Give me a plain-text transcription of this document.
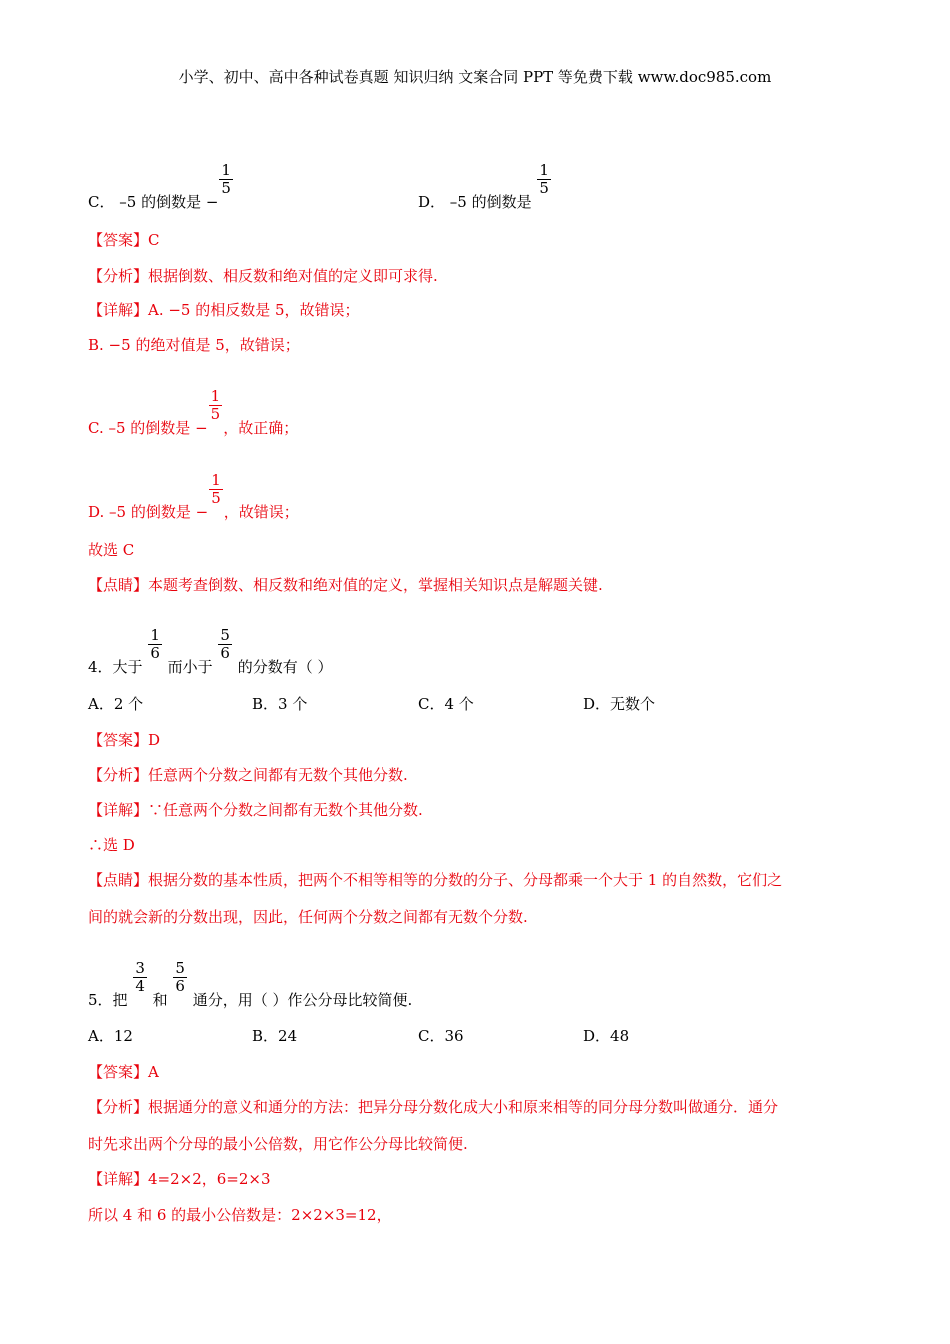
小学、初中、高中各种试卷真题 知识归纳 文案合同 PPT 等免费下载 www.doc985.com
C． –5 的倒数是 −
$\frac{1}{5}$
D． –5 的倒数是
$\frac{1}{5}$
【答案】C
【分析】根据倒数、相反数和绝对值的定义即可求得.
【详解】A. −5 的相反数是 5，故错误；
B. −5 的绝对值是 5，故错误；
C. –5 的倒数是 −
$\frac{1}{5}$
，故正确；
D. –5 的倒数是 −
$\frac{1}{5}$
，故错误；
故选 C
【点睛】本题考查倒数、相反数和绝对值的定义，掌握相关知识点是解题关键.
4．大于
$\frac{1}{6}$
而小于
$\frac{5}{6}$
的分数有（ ）
A．2 个	B．3 个	C．4 个	D．无数个
【答案】D
【分析】任意两个分数之间都有无数个其他分数.
【详解】∵任意两个分数之间都有无数个其他分数.
∴选 D
【点睛】根据分数的基本性质，把两个不相等相等的分数的分子、分母都乘一个大于 1 的自然数，它们之
间的就会新的分数出现，因此，任何两个分数之间都有无数个分数.
5．把
$\frac{3}{4}$
和
$\frac{5}{6}$
通分，用（ ）作公分母比较简便.
A．12	B．24	C．36	D．48
【答案】A
【分析】根据通分的意义和通分的方法：把异分母分数化成大小和原来相等的同分母分数叫做通分．通分
时先求出两个分母的最小公倍数，用它作公分母比较简便.
【详解】4=2×2，6=2×3
所以 4 和 6 的最小公倍数是：2×2×3=12，
